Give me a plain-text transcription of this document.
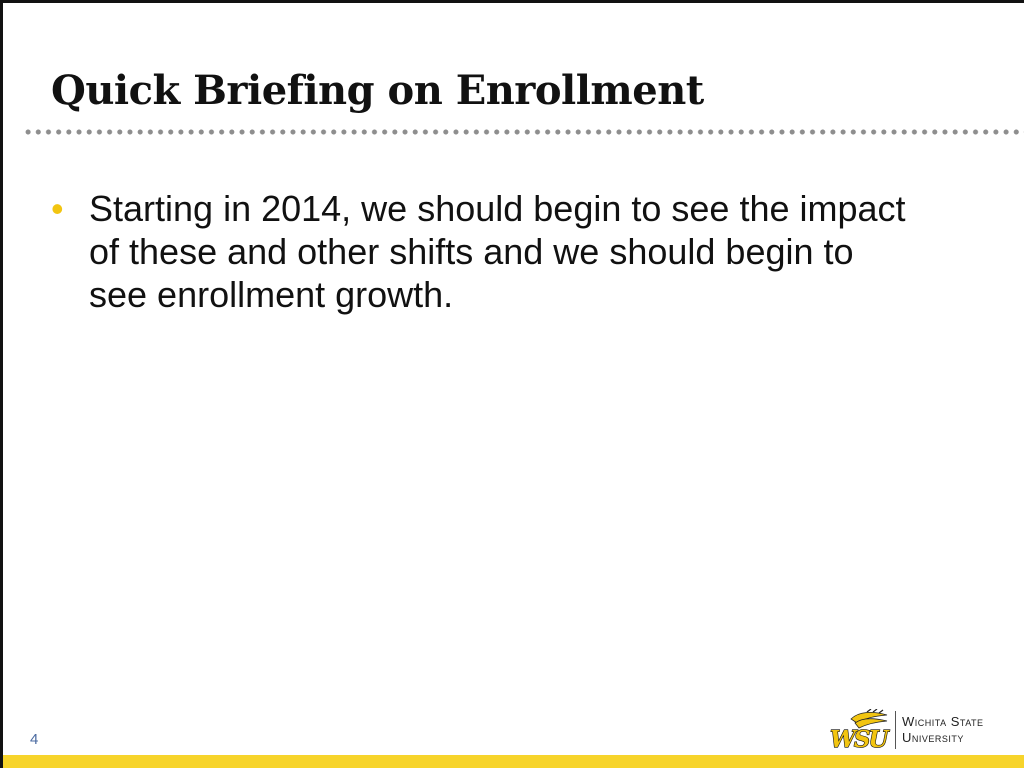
Quick Briefing on Enrollment
• Starting in 2014, we should begin to see the impact of these and other shifts and we should begin to see enrollment growth.
4	WSU
Wichita State
University
